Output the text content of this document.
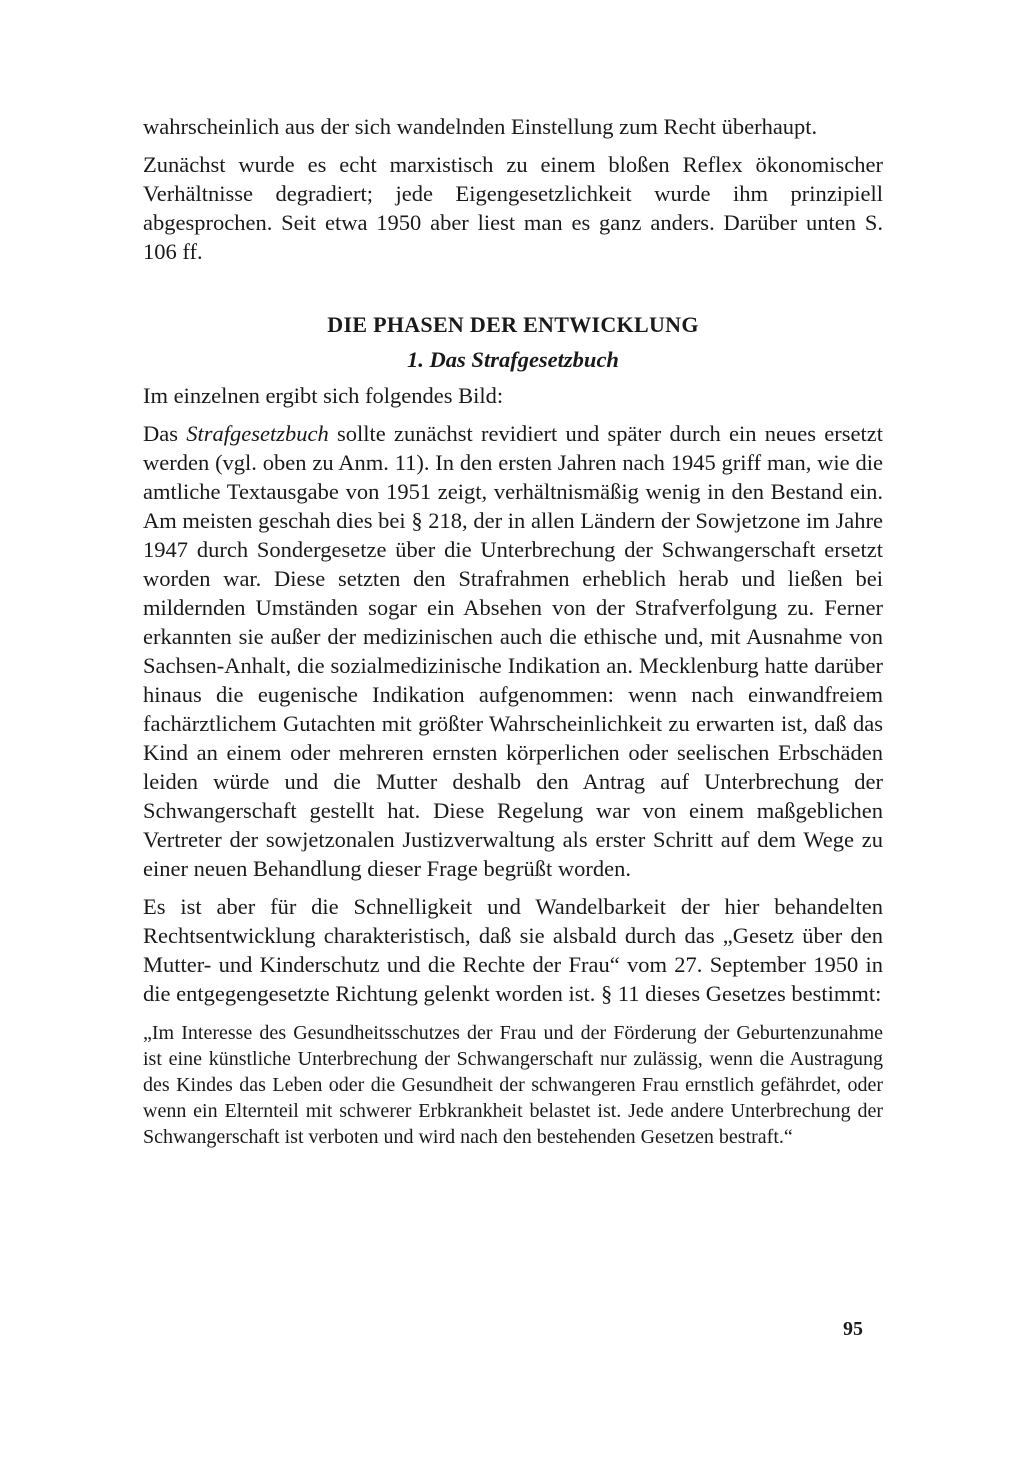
wahrscheinlich aus der sich wandelnden Einstellung zum Recht überhaupt.

Zunächst wurde es echt marxistisch zu einem bloßen Reflex ökonomischer Verhältnisse degradiert; jede Eigengesetzlichkeit wurde ihm prinzipiell abgesprochen. Seit etwa 1950 aber liest man es ganz anders. Darüber unten S. 106 ff.

DIE PHASEN DER ENTWICKLUNG
1. Das Strafgesetzbuch

Im einzelnen ergibt sich folgendes Bild:

Das Strafgesetzbuch sollte zunächst revidiert und später durch ein neues ersetzt werden (vgl. oben zu Anm. 11). In den ersten Jahren nach 1945 griff man, wie die amtliche Textausgabe von 1951 zeigt, verhältnismäßig wenig in den Bestand ein. Am meisten geschah dies bei § 218, der in allen Ländern der Sowjetzone im Jahre 1947 durch Sondergesetze über die Unterbrechung der Schwangerschaft ersetzt worden war. Diese setzten den Strafrahmen erheblich herab und ließen bei mildernden Umständen sogar ein Absehen von der Strafverfolgung zu. Ferner erkannten sie außer der medizinischen auch die ethische und, mit Ausnahme von Sachsen-Anhalt, die sozialmedizinische Indikation an. Mecklenburg hatte darüber hinaus die eugenische Indikation aufgenommen: wenn nach einwandfreiem fachärztlichem Gutachten mit größter Wahrscheinlichkeit zu erwarten ist, daß das Kind an einem oder mehreren ernsten körperlichen oder seelischen Erbschäden leiden würde und die Mutter deshalb den Antrag auf Unterbrechung der Schwangerschaft gestellt hat. Diese Regelung war von einem maßgeblichen Vertreter der sowjetzonalen Justizverwaltung als erster Schritt auf dem Wege zu einer neuen Behandlung dieser Frage begrüßt worden.

Es ist aber für die Schnelligkeit und Wandelbarkeit der hier behandelten Rechtsentwicklung charakteristisch, daß sie alsbald durch das „Gesetz über den Mutter- und Kinderschutz und die Rechte der Frau“ vom 27. September 1950 in die entgegengesetzte Richtung gelenkt worden ist. § 11 dieses Gesetzes bestimmt:

„Im Interesse des Gesundheitsschutzes der Frau und der Förderung der Geburtenzunahme ist eine künstliche Unterbrechung der Schwangerschaft nur zulässig, wenn die Austragung des Kindes das Leben oder die Gesundheit der schwangeren Frau ernstlich gefährdet, oder wenn ein Elternteil mit schwerer Erbkrankheit belastet ist. Jede andere Unterbrechung der Schwangerschaft ist verboten und wird nach den bestehenden Gesetzen bestraft.“

95
